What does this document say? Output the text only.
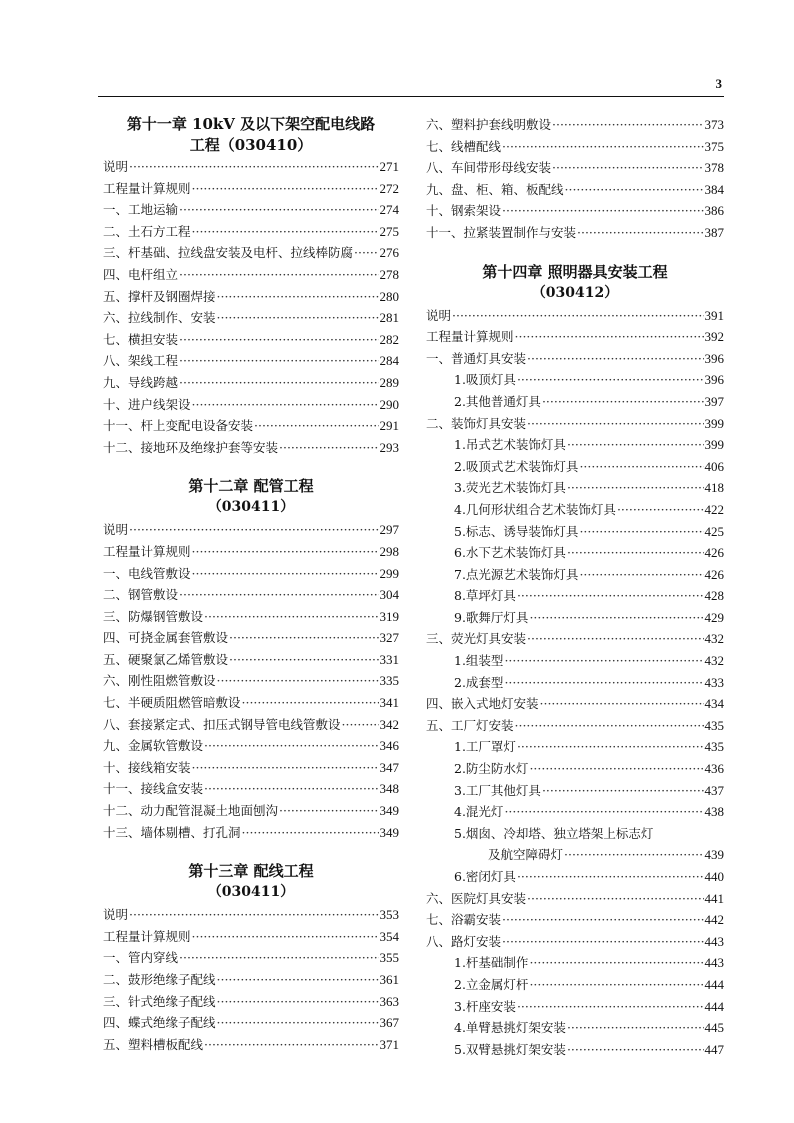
3
第十一章 10kV 及以下架空配电线路
工程（030410）
说明 ·····	271
工程量计算规则 ·····	272
一、工地运输 ·····	274
二、土石方工程 ·····	275
三、杆基础、拉线盘安装及电杆、拉线棒防腐 ····· 276
四、电杆组立 ·····	278
五、撑杆及钢圈焊接 ·····	280
六、拉线制作、安装 ·····	281
七、横担安装 ·····	282
八、架线工程 ·····	284
九、导线跨越 ·····	289
十、进户线架设 ·····	290
十一、杆上变配电设备安装 ·····	291
十二、接地环及绝缘护套等安装 ·····	293
第十二章 配管工程
（030411）
说明 ·····	297
工程量计算规则 ·····	298
一、电线管敷设 ·····	299
二、钢管敷设 ·····	304
三、防爆钢管敷设 ·····	319
四、可挠金属套管敷设 ·····	327
五、硬聚氯乙烯管敷设 ·····	331
六、刚性阻燃管敷设 ·····	335
七、半硬质阻燃管暗敷设 ·····	341
八、套接紧定式、扣压式钢导管电线管敷设 ·····	342
九、金属软管敷设 ·····	346
十、接线箱安装 ·····	347
十一、接线盒安装 ·····	348
十二、动力配管混凝土地面刨沟 ·····	349
十三、墙体剔槽、打孔洞 ·····	349
第十三章 配线工程
（030411）
说明 ·····	353
工程量计算规则 ·····	354
一、管内穿线 ·····	355
二、鼓形绝缘子配线 ·····	361
三、针式绝缘子配线 ·····	363
四、蝶式绝缘子配线 ·····	367
五、塑料槽板配线 ·····	371
六、塑料护套线明敷设 ·····	373
七、线槽配线 ·····	375
八、车间带形母线安装 ·····	378
九、盘、柜、箱、板配线 ·····	384
十、钢索架设 ·····	386
十一、拉紧装置制作与安装 ·····	387
第十四章 照明器具安装工程
（030412）
说明 ·····	391
工程量计算规则 ·····	392
一、普通灯具安装 ·····	396
1.吸顶灯具 ·····	396
2.其他普通灯具 ·····	397
二、装饰灯具安装 ·····	399
1.吊式艺术装饰灯具 ·····	399
2.吸顶式艺术装饰灯具 ·····	406
3.荧光艺术装饰灯具 ·····	418
4.几何形状组合艺术装饰灯具 ·····	422
5.标志、诱导装饰灯具 ·····	425
6.水下艺术装饰灯具 ·····	426
7.点光源艺术装饰灯具 ·····	426
8.草坪灯具 ·····	428
9.歌舞厅灯具 ·····	429
三、荧光灯具安装 ·····	432
1.组装型 ·····	432
2.成套型 ·····	433
四、嵌入式地灯安装 ·····	434
五、工厂灯安装 ·····	435
1.工厂罩灯 ·····	435
2.防尘防水灯 ·····	436
3.工厂其他灯具 ·····	437
4.混光灯 ·····	438
5.烟囱、冷却塔、独立塔架上标志灯
及航空障碍灯 ·····	439
6.密闭灯具 ·····	440
六、医院灯具安装 ·····	441
七、浴霸安装 ·····	442
八、路灯安装 ·····	443
1.杆基础制作 ·····	443
2.立金属灯杆 ·····	444
3.杆座安装 ·····	444
4.单臂悬挑灯架安装 ·····	445
5.双臂悬挑灯架安装 ·····	447
